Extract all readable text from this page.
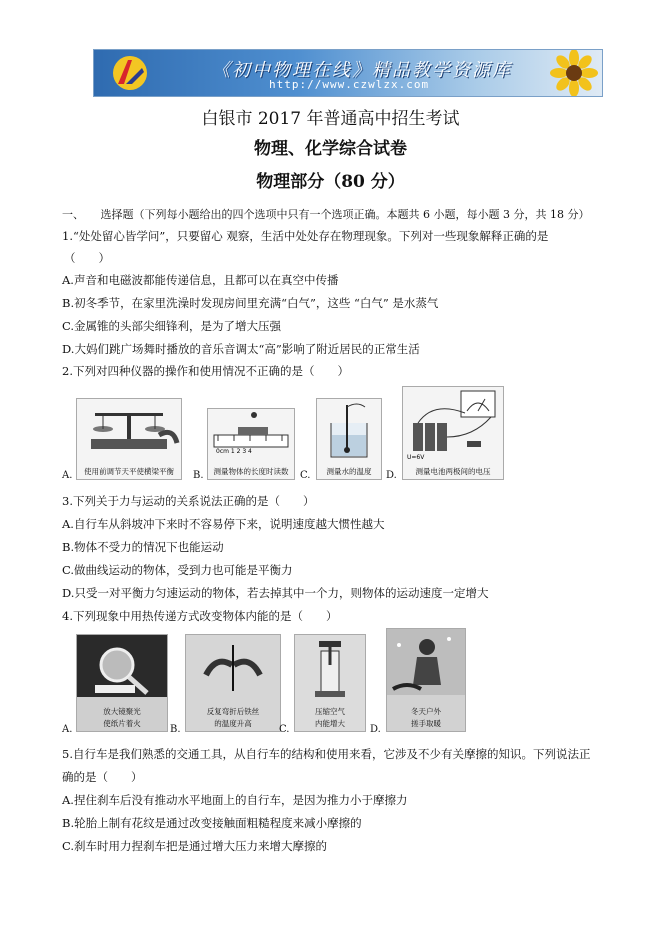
《初中物理在线》精品教学资源库
http://www.czwlzx.com
白银市 2017 年普通高中招生考试
物理、化学综合试卷
物理部分（80 分）
一、　　选择题（下列每小题给出的四个选项中只有一个选项正确。本题共 6 小题，每小题 3 分，共 18 分）
1.“处处留心皆学问”，只要留心 观察，生活中处处存在物理现象。下列对一些现象解释正确的是
（　　）
A.声音和电磁波都能传递信息，且都可以在真空中传播
B.初冬季节，在家里洗澡时发现房间里充满“白气”，这些 “白气” 是水蒸气
C.金属锥的头部尖细锋利，是为了增大压强
D.大妈们跳广场舞时播放的音乐音调太“高”影响了附近居民的正常生活
2.下列对四种仪器的操作和使用情况不正确的是（　　）
A.	使用前调节天平使横梁平衡	B.
0cm 1 2 3 4
测量物体的长度时读数	C.	测量水的温度	D.
U=6V
测量电池两极间的电压
3.下列关于力与运动的关系说法正确的是（　　）
A.自行车从斜坡冲下来时不容易停下来，说明速度越大惯性越大
B.物体不受力的情况下也能运动
C.做曲线运动的物体，受到力也可能是平衡力
D.只受一对平衡力匀速运动的物体，若去掉其中一个力，则物体的运动速度一定增大
4.下列现象中用热传递方式改变物体内能的是（　　）
A.
放大镜聚光
使纸片着火
B.
反复弯折后铁丝
的温度升高
C.
压缩空气
内能增大
D.
冬天户外
搓手取暖
5.自行车是我们熟悉的交通工具，从自行车的结构和使用来看，它涉及不少有关摩擦的知识。下列说法正
确的是（　　）
A.捏住刹车后没有推动水平地面上的自行车，是因为推力小于摩擦力
B.轮胎上制有花纹是通过改变接触面粗糙程度来减小摩擦的
C.刹车时用力捏刹车把是通过增大压力来增大摩擦的
